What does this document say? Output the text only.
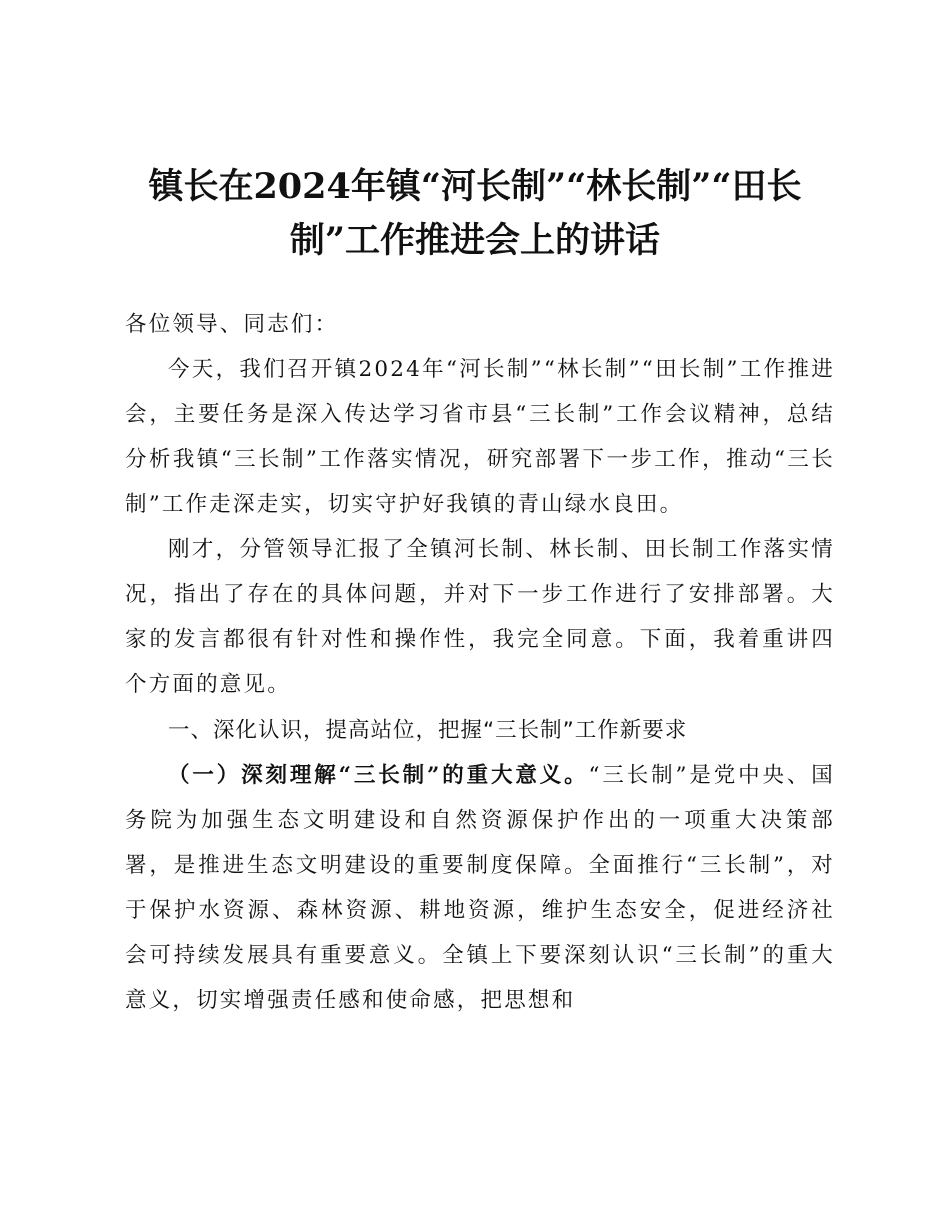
镇长在2024年镇“河长制”“林长制”“田长制”工作推进会上的讲话

各位领导、同志们：

今天，我们召开镇2024年“河长制”“林长制”“田长制”工作推进会，主要任务是深入传达学习省市县“三长制”工作会议精神，总结分析我镇“三长制”工作落实情况，研究部署下一步工作，推动“三长制”工作走深走实，切实守护好我镇的青山绿水良田。

刚才，分管领导汇报了全镇河长制、林长制、田长制工作落实情况，指出了存在的具体问题，并对下一步工作进行了安排部署。大家的发言都很有针对性和操作性，我完全同意。下面，我着重讲四个方面的意见。

一、深化认识，提高站位，把握“三长制”工作新要求

（一）深刻理解“三长制”的重大意义。“三长制”是党中央、国务院为加强生态文明建设和自然资源保护作出的一项重大决策部署，是推进生态文明建设的重要制度保障。全面推行“三长制”，对于保护水资源、森林资源、耕地资源，维护生态安全，促进经济社会可持续发展具有重要意义。全镇上下要深刻认识“三长制”的重大意义，切实增强责任感和使命感，把思想和
